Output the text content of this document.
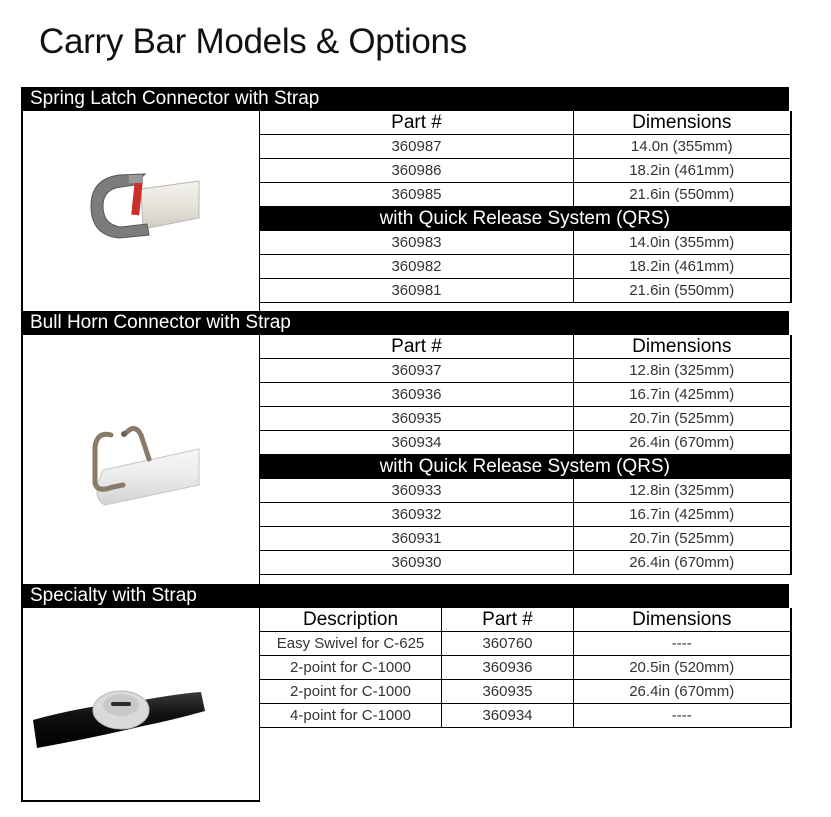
Carry Bar Models & Options
Spring Latch Connector with Strap
Part #	Dimensions
360987	14.0n (355mm)
360986	18.2in (461mm)
360985	21.6in (550mm)
with Quick Release System (QRS)	
360983	14.0in (355mm)
360982	18.2in (461mm)
360981	21.6in (550mm)
Bull Horn Connector with Strap
Part #	Dimensions
360937	12.8in (325mm)
360936	16.7in (425mm)
360935	20.7in (525mm)
360934	26.4in (670mm)
with Quick Release System (QRS)	
360933	12.8in (325mm)
360932	16.7in (425mm)
360931	20.7in (525mm)
360930	26.4in (670mm)
Specialty with Strap
Description	Part #	Dimensions
Easy Swivel for C-625	360760	----
2-point for C-1000	360936	20.5in (520mm)
2-point for C-1000	360935	26.4in (670mm)
4-point for C-1000	360934	----
